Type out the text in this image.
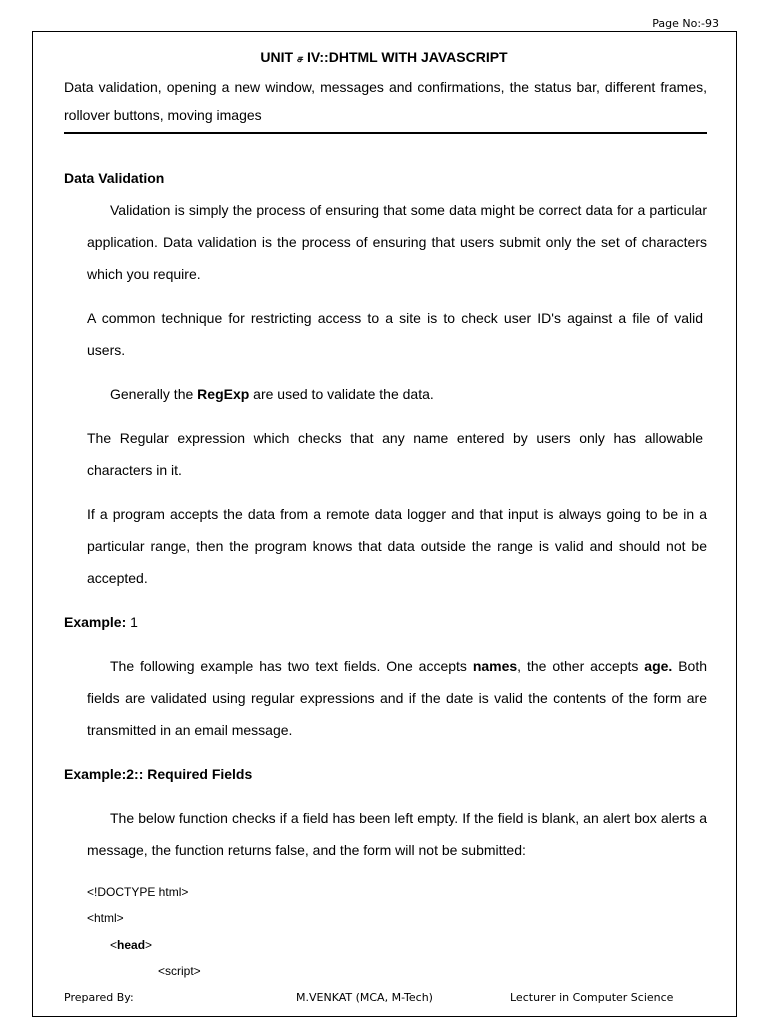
Page No:-93
UNIT ச IV::DHTML WITH JAVASCRIPT
Data validation, opening a new window, messages and confirmations, the status bar, different frames, rollover buttons, moving images
Data Validation
Validation is simply the process of ensuring that some data might be correct data for a particular application. Data validation is the process of ensuring that users submit only the set of characters which you require.
A common technique for restricting access to a site is to check user ID's against a file of valid users.
Generally the RegExp are used to validate the data.
The Regular expression which checks that any name entered by users only has allowable characters in it.
If a program accepts the data from a remote data logger and that input is always going to be in a particular range, then the program knows that data outside the range is valid and should not be accepted.
Example: 1
The following example has two text fields. One accepts names, the other accepts age. Both fields are validated using regular expressions and if the date is valid the contents of the form are transmitted in an email message.
Example:2:: Required Fields
The below function checks if a field has been left empty. If the field is blank, an alert box alerts a message, the function returns false, and the form will not be submitted:
<!DOCTYPE html>
<html>
<head>
<script>
Prepared By:	M.VENKAT (MCA, M-Tech)	Lecturer in Computer Science
